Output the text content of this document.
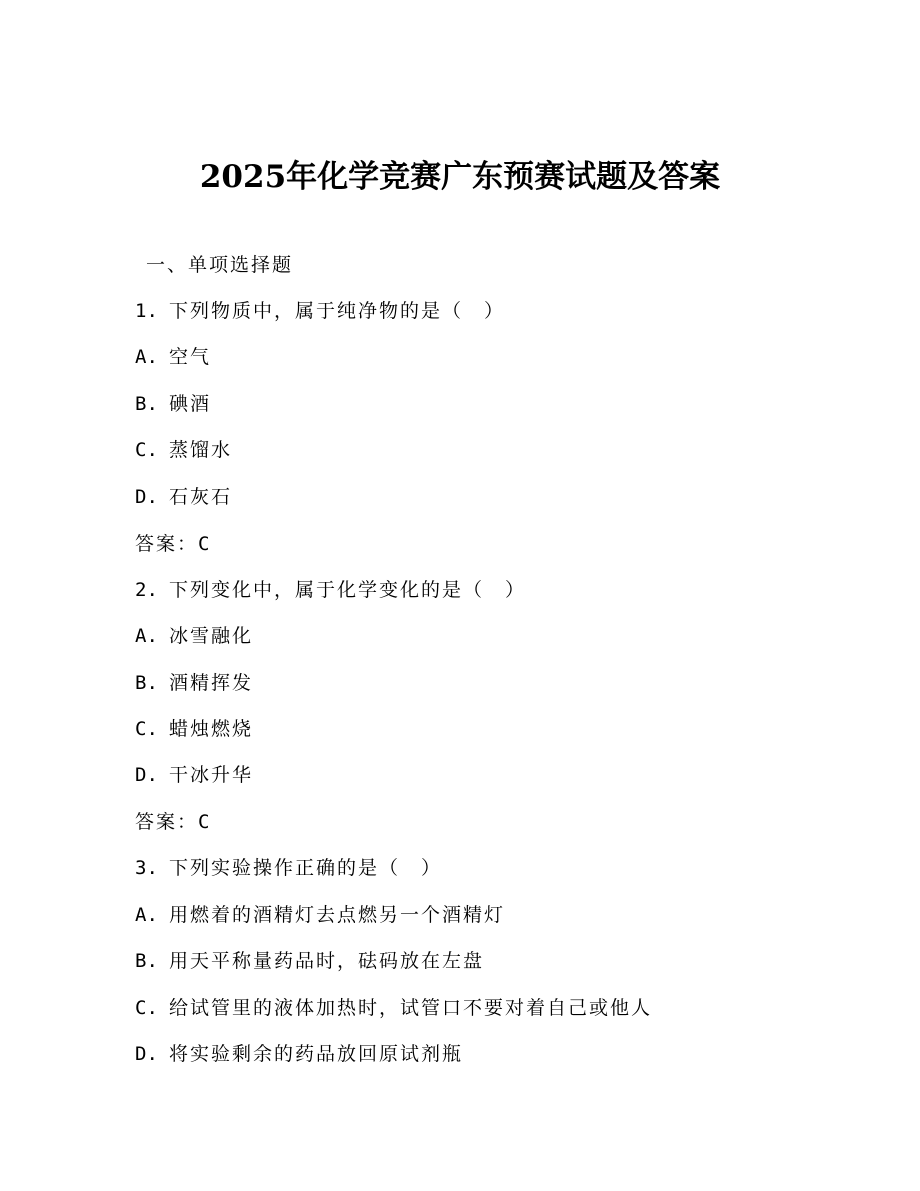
2025年化学竞赛广东预赛试题及答案
一、单项选择题
1. 下列物质中，属于纯净物的是（　）
A. 空气
B. 碘酒
C. 蒸馏水
D. 石灰石
答案：C
2. 下列变化中，属于化学变化的是（　）
A. 冰雪融化
B. 酒精挥发
C. 蜡烛燃烧
D. 干冰升华
答案：C
3. 下列实验操作正确的是（　）
A. 用燃着的酒精灯去点燃另一个酒精灯
B. 用天平称量药品时，砝码放在左盘
C. 给试管里的液体加热时，试管口不要对着自己或他人
D. 将实验剩余的药品放回原试剂瓶
